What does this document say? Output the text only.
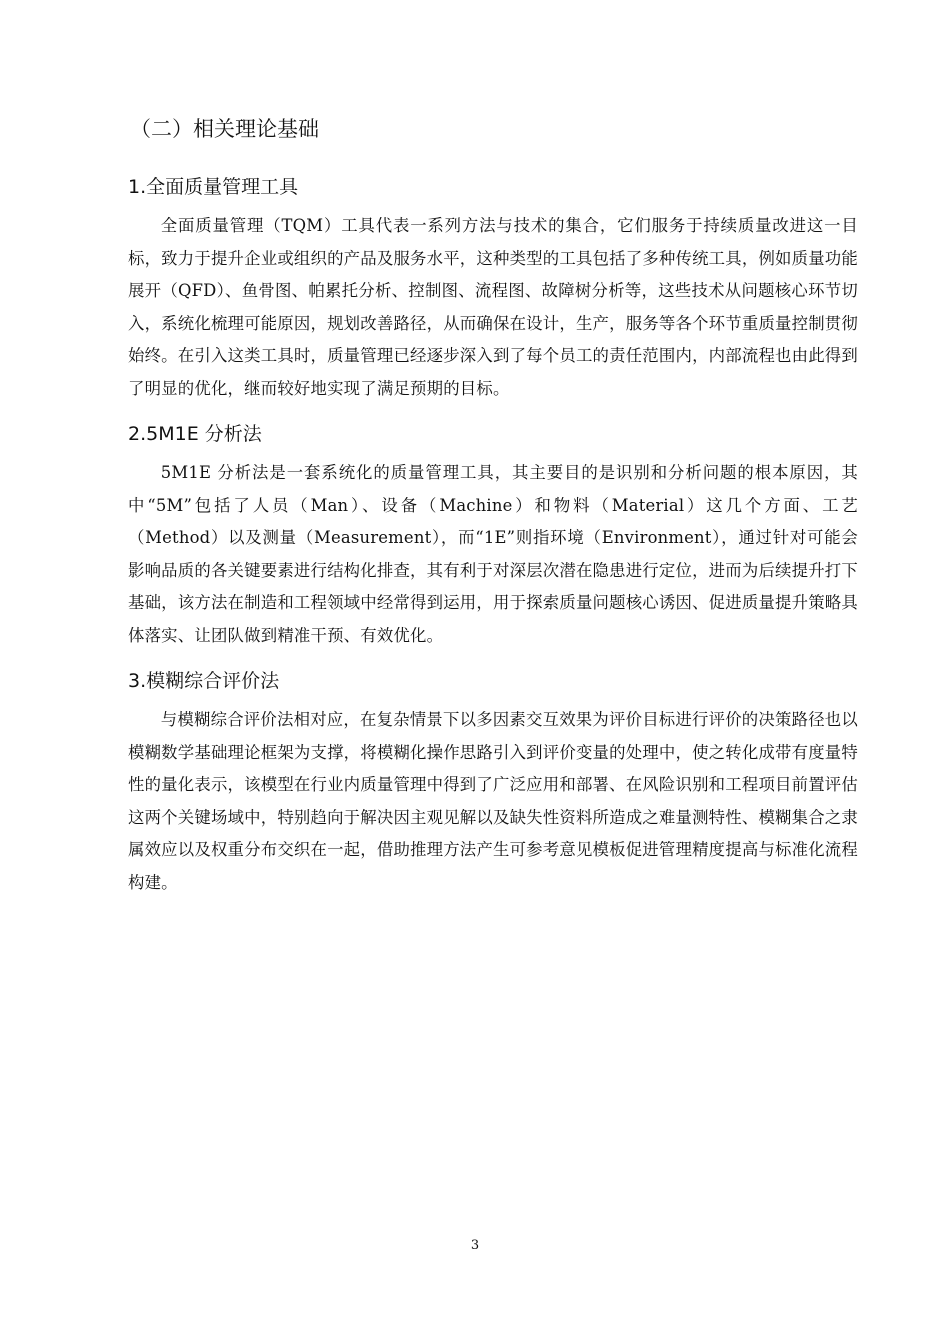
（二）相关理论基础
1.全面质量管理工具

全面质量管理（TQM）工具代表一系列方法与技术的集合，它们服务于持续质量改进这一目标，致力于提升企业或组织的产品及服务水平，这种类型的工具包括了多种传统工具，例如质量功能展开（QFD）、鱼骨图、帕累托分析、控制图、流程图、故障树分析等，这些技术从问题核心环节切入，系统化梳理可能原因，规划改善路径，从而确保在设计，生产，服务等各个环节重质量控制贯彻始终。在引入这类工具时，质量管理已经逐步深入到了每个员工的责任范围内，内部流程也由此得到了明显的优化，继而较好地实现了满足预期的目标。

2.5M1E 分析法

5M1E 分析法是一套系统化的质量管理工具，其主要目的是识别和分析问题的根本原因，其中“5M”包括了人员（Man）、设备（Machine）和物料（Material）这几个方面、工艺（Method）以及测量（Measurement），而“1E”则指环境（Environment），通过针对可能会影响品质的各关键要素进行结构化排查，其有利于对深层次潜在隐患进行定位，进而为后续提升打下基础，该方法在制造和工程领域中经常得到运用，用于探索质量问题核心诱因、促进质量提升策略具体落实、让团队做到精准干预、有效优化。

3.模糊综合评价法

与模糊综合评价法相对应，在复杂情景下以多因素交互效果为评价目标进行评价的决策路径也以模糊数学基础理论框架为支撑，将模糊化操作思路引入到评价变量的处理中，使之转化成带有度量特性的量化表示，该模型在行业内质量管理中得到了广泛应用和部署、在风险识别和工程项目前置评估这两个关键场域中，特别趋向于解决因主观见解以及缺失性资料所造成之难量测特性、模糊集合之隶属效应以及权重分布交织在一起，借助推理方法产生可参考意见模板促进管理精度提高与标准化流程构建。

3
